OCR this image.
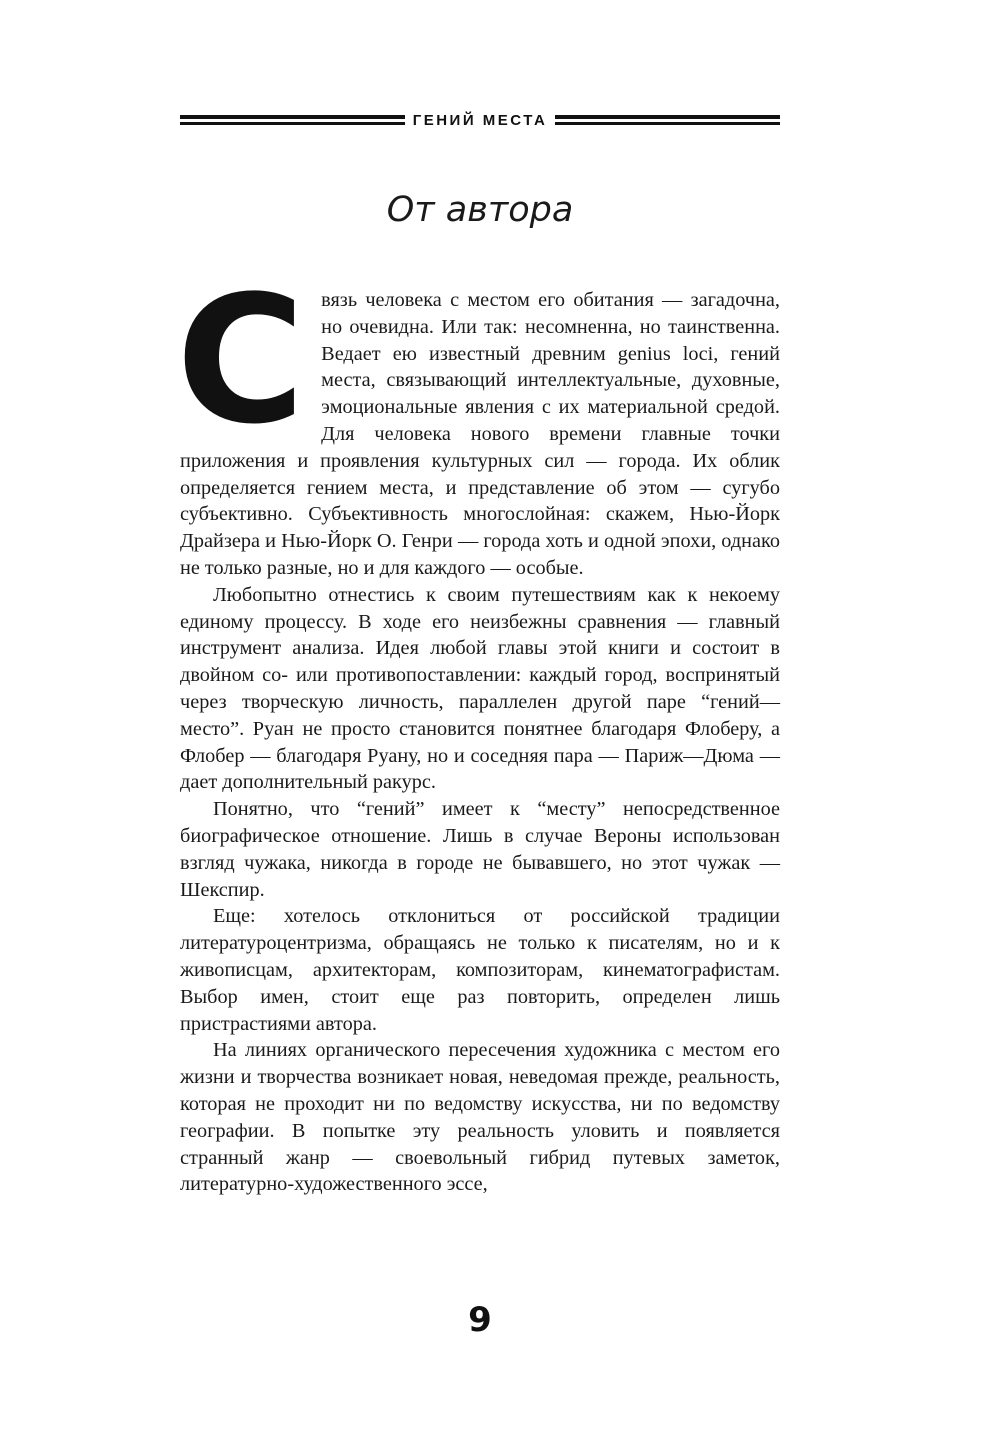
ГЕНИЙ МЕСТА
От автора

Связь человека с местом его обитания — загадочна, но очевидна. Или так: несомненна, но таинственна. Ведает ею известный древним genius loci, гений места, связывающий интеллектуальные, духовные, эмоциональные явления с их материальной средой. Для человека нового времени главные точки приложения и проявления культурных сил — города. Их облик определяется гением места, и представление об этом — сугубо субъективно. Субъективность многослойная: скажем, Нью-Йорк Драйзера и Нью-Йорк О. Генри — города хоть и одной эпохи, однако не только разные, но и для каждого — особые.

Любопытно отнестись к своим путешествиям как к некоему единому процессу. В ходе его неизбежны сравнения — главный инструмент анализа. Идея любой главы этой книги и состоит в двойном со- или противопоставлении: каждый город, воспринятый через творческую личность, параллелен другой паре “гений—место”. Руан не просто становится понятнее благодаря Флоберу, а Флобер — благодаря Руану, но и соседняя пара — Париж—Дюма — дает дополнительный ракурс.

Понятно, что “гений” имеет к “месту” непосредственное биографическое отношение. Лишь в случае Вероны использован взгляд чужака, никогда в городе не бывавшего, но этот чужак — Шекспир.

Еще: хотелось отклониться от российской традиции литературоцентризма, обращаясь не только к писателям, но и к живописцам, архитекторам, композиторам, кинематографистам. Выбор имен, стоит еще раз повторить, определен лишь пристрастиями автора.

На линиях органического пересечения художника с местом его жизни и творчества возникает новая, неведомая прежде, реальность, которая не проходит ни по ведомству искусства, ни по ведомству географии. В попытке эту реальность уловить и появляется странный жанр — своевольный гибрид путевых заметок, литературно-художественного эссе,

9
